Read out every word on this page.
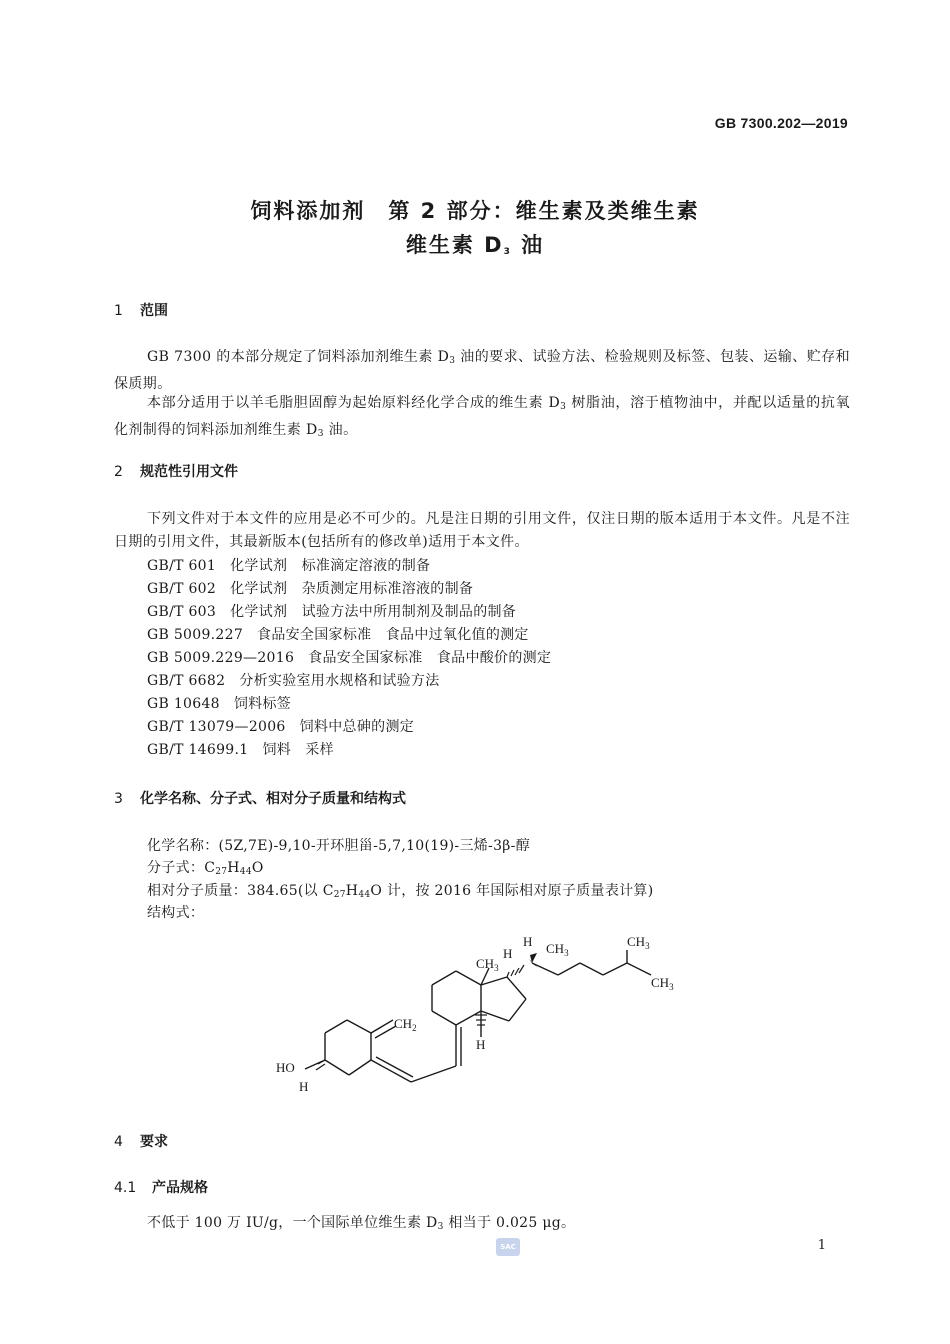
GB 7300.202—2019
饲料添加剂　第 2 部分：维生素及类维生素
维生素 $D_3$ 油
1 范围
GB 7300 的本部分规定了饲料添加剂维生素 $D_3$ 油的要求、试验方法、检验规则及标签、包装、运输、贮存和保质期。
本部分适用于以羊毛脂胆固醇为起始原料经化学合成的维生素 $D_3$ 树脂油，溶于植物油中，并配以适量的抗氧化剂制得的饲料添加剂维生素 $D_3$ 油。
2 规范性引用文件
下列文件对于本文件的应用是必不可少的。凡是注日期的引用文件，仅注日期的版本适用于本文件。凡是不注日期的引用文件，其最新版本(包括所有的修改单)适用于本文件。
GB/T 601 化学试剂　标准滴定溶液的制备
GB/T 602 化学试剂　杂质测定用标准溶液的制备
GB/T 603 化学试剂　试验方法中所用制剂及制品的制备
GB 5009.227 食品安全国家标准　食品中过氧化值的测定
GB 5009.229—2016 食品安全国家标准　食品中酸价的测定
GB/T 6682 分析实验室用水规格和试验方法
GB 10648 饲料标签
GB/T 13079—2006 饲料中总砷的测定
GB/T 14699.1 饲料　采样
3 化学名称、分子式、相对分子质量和结构式
化学名称：(5Z,7E)-9,10-开环胆甾-5,7,10(19)-三烯-3β-醇
分子式：$C_{27}H_{44}O$
相对分子质量：384.65(以 $C_{27}H_{44}O$ 计，按 2016 年国际相对原子质量表计算)
结构式：
HO
H
$CH_2$
H
$CH_3$
H
H $CH_3$
$CH_3$
$CH_3$
4 要求
4.1 产品规格
不低于 100 万 IU/g，一个国际单位维生素 $D_3$ 相当于 0.025 μg。
SAC	1
